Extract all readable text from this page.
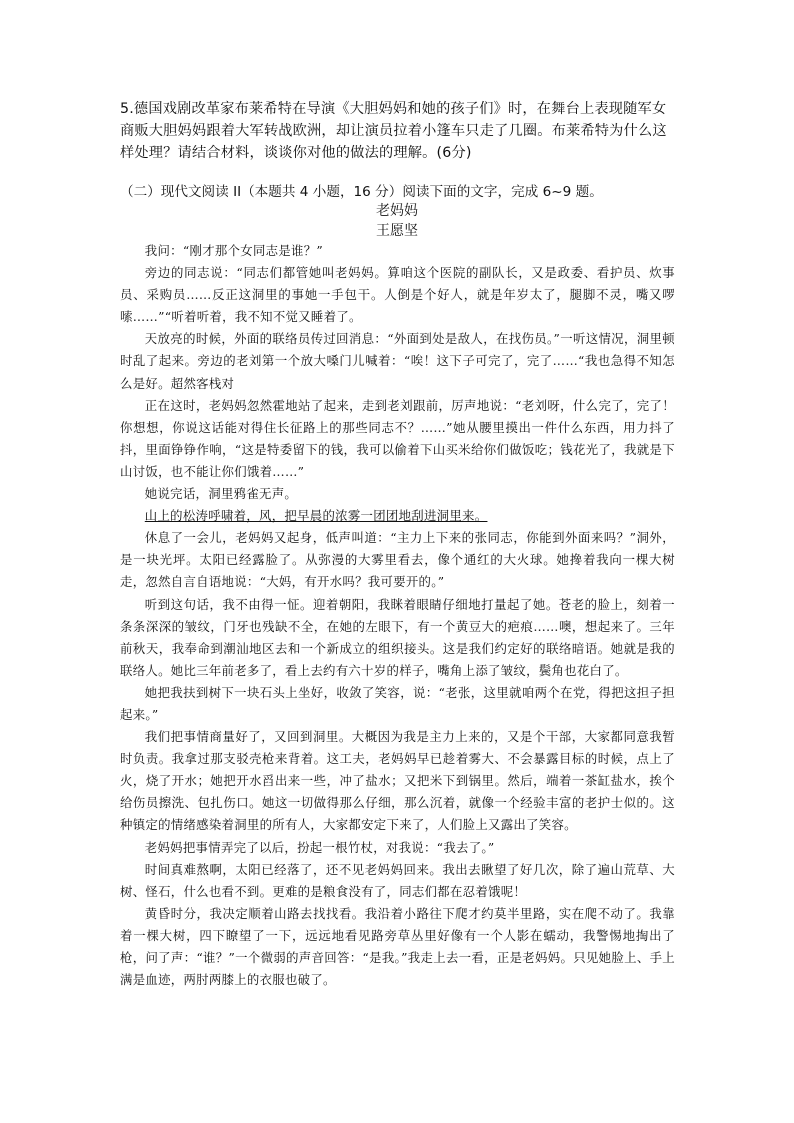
5.德国戏剧改革家布莱希特在导演《大胆妈妈和她的孩子们》时，在舞台上表现随军女商贩大胆妈妈跟着大军转战欧洲，却让演员拉着小篷车只走了几圈。布莱希特为什么这样处理？请结合材料，谈谈你对他的做法的理解。(6分)
（二）现代文阅读 II（本题共 4 小题，16 分）阅读下面的文字，完成 6~9 题。
老妈妈
王愿坚

我问：“刚才那个女同志是谁？”

旁边的同志说：“同志们都管她叫老妈妈。算咱这个医院的副队长，又是政委、看护员、炊事员、采购员……反正这洞里的事她一手包干。人倒是个好人，就是年岁太了，腿脚不灵，嘴又啰嗦……”“听着听着，我不知不觉又睡着了。

天放亮的时候，外面的联络员传过回消息：“外面到处是敌人，在找伤员。”一听这情况，洞里顿时乱了起来。旁边的老刘第一个放大嗓门儿喊着：“唉！这下子可完了，完了……“我也急得不知怎么是好。超然客栈对

正在这时，老妈妈忽然霍地站了起来，走到老刘跟前，厉声地说：“老刘呀，什么完了，完了！你想想，你说这话能对得住长征路上的那些同志不？……”她从腰里摸出一件什么东西，用力抖了抖，里面铮铮作响，“这是特委留下的钱，我可以偷着下山买米给你们做饭吃；钱花光了，我就是下山讨饭，也不能让你们饿着……”

她说完话，洞里鸦雀无声。

山上的松涛呼啸着，风，把早晨的浓雾一团团地刮进洞里来。

休息了一会儿，老妈妈又起身，低声叫道：“主力上下来的张同志，你能到外面来吗？”洞外，是一块光坪。太阳已经露脸了。从弥漫的大雾里看去，像个通红的大火球。她搀着我向一棵大树走，忽然自言自语地说：“大妈，有开水吗？我可要开的。”

听到这句话，我不由得一怔。迎着朝阳，我眯着眼睛仔细地打量起了她。苍老的脸上，刻着一条条深深的皱纹，门牙也残缺不全，在她的左眼下，有一个黄豆大的疤痕……噢，想起来了。三年前秋天，我奉命到潮汕地区去和一个新成立的组织接头。这是我们约定好的联络暗语。她就是我的联络人。她比三年前老多了，看上去约有六十岁的样子，嘴角上添了皱纹，鬓角也花白了。

她把我扶到树下一块石头上坐好，收敛了笑容，说：“老张，这里就咱两个在党，得把这担子担起来。”

我们把事情商量好了，又回到洞里。大概因为我是主力上来的，又是个干部，大家都同意我暂时负责。我拿过那支驳壳枪来背着。这工夫，老妈妈早已趁着雾大、不会暴露目标的时候，点上了火，烧了开水；她把开水舀出来一些，冲了盐水；又把米下到锅里。然后，端着一茶缸盐水，挨个给伤员擦洗、包扎伤口。她这一切做得那么仔细，那么沉着，就像一个经验丰富的老护士似的。这种镇定的情绪感染着洞里的所有人，大家都安定下来了，人们脸上又露出了笑容。

老妈妈把事情弄完了以后，扮起一根竹杖，对我说：“我去了。”

时间真难熬啊，太阳已经落了，还不见老妈妈回来。我出去瞅望了好几次，除了遍山荒草、大树、怪石，什么也看不到。更难的是粮食没有了，同志们都在忍着饿呢！

黄昏时分，我决定顺着山路去找找看。我沿着小路往下爬才约莫半里路，实在爬不动了。我靠着一棵大树，四下瞭望了一下，远远地看见路旁草丛里好像有一个人影在蠕动，我警惕地掏出了枪，问了声：“谁？”一个微弱的声音回答：“是我。”我走上去一看，正是老妈妈。只见她脸上、手上满是血迹，两肘两膝上的衣服也破了。
